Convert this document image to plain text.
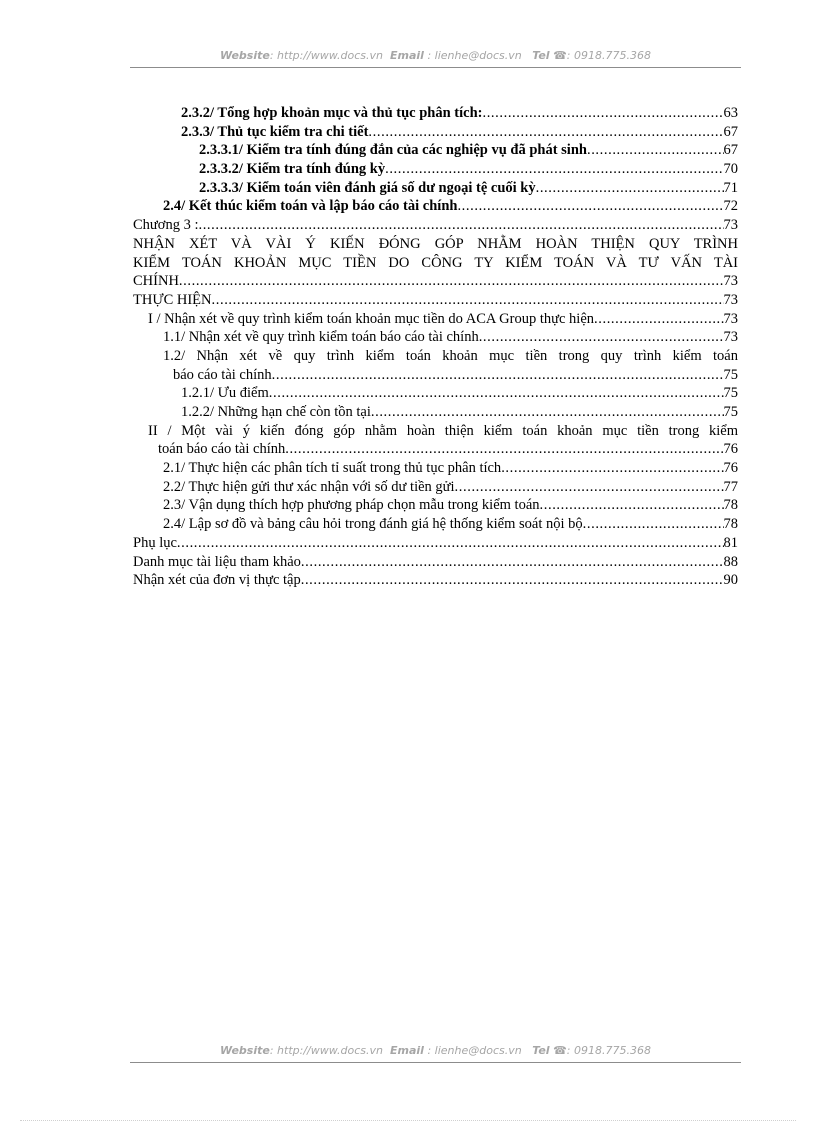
Website: http://www.docs.vn Email : lienhe@docs.vn Tel ☎: 0918.775.368
2.3.2/ Tổng hợp khoản mục và thủ tục phân tích: .....	63
2.3.3/ Thủ tục kiểm tra chi tiết .....	67
2.3.3.1/ Kiểm tra tính đúng đắn của các nghiệp vụ đã phát sinh .....	67
2.3.3.2/ Kiểm tra tính đúng kỳ .....	70
2.3.3.3/ Kiểm toán viên đánh giá số dư ngoại tệ cuối kỳ .....	71
2.4/ Kết thúc kiểm toán và lập báo cáo tài chính .....	72
Chương 3 : .....	73
NHẬN XÉT VÀ VÀI Ý KIẾN ĐÓNG GÓP NHẰM HOÀN THIỆN QUY TRÌNH
KIỂM TOÁN KHOẢN MỤC TIỀN DO CÔNG TY KIỂM TOÁN VÀ TƯ VẤN TÀI
CHÍNH .....	73
THỰC HIỆN .....	73
I / Nhận xét về quy trình kiểm toán khoản mục tiền do ACA Group thực hiện .....	73
1.1/ Nhận xét về quy trình kiểm toán báo cáo tài chính .....	73
1.2/ Nhận xét về quy trình kiểm toán khoản mục tiền trong quy trình kiểm toán
báo cáo tài chính .....	75
1.2.1/ Ưu điểm .....	75
1.2.2/ Những hạn chế còn tồn tại .....	75
II / Một vài ý kiến đóng góp nhằm hoàn thiện kiểm toán khoản mục tiền trong kiểm
toán báo cáo tài chính .....	76
2.1/ Thực hiện các phân tích tỉ suất trong thủ tục phân tích .....	76
2.2/ Thực hiện gửi thư xác nhận với số dư tiền gửi .....	77
2.3/ Vận dụng thích hợp phương pháp chọn mẫu trong kiểm toán .....	78
2.4/ Lập sơ đồ và bảng câu hỏi trong đánh giá hệ thống kiểm soát nội bộ .....	78
Phụ lục .....	81
Danh mục tài liệu tham khảo .....	88
Nhận xét của đơn vị thực tập .....	90
Website: http://www.docs.vn Email : lienhe@docs.vn Tel ☎: 0918.775.368
